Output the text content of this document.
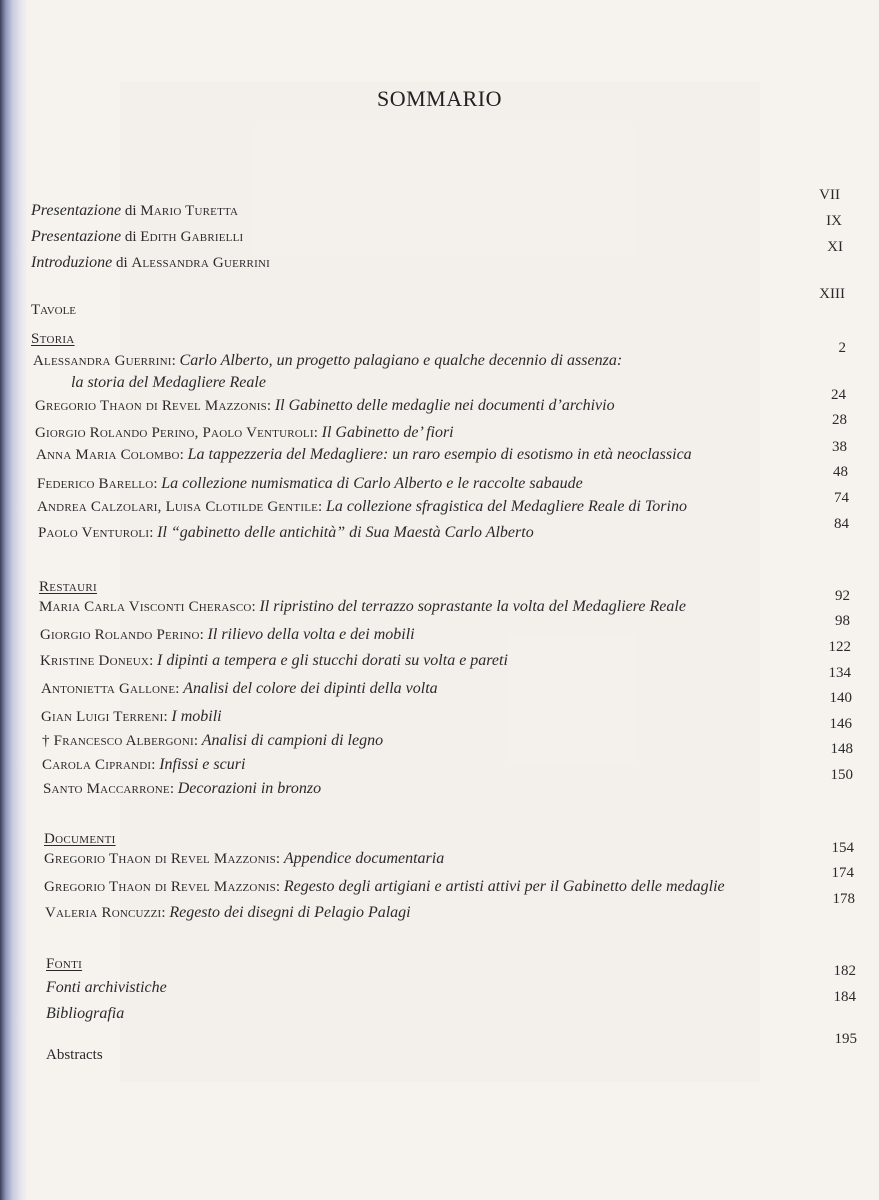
SOMMARIO
Presentazione di Mario Turetta
Presentazione di Edith Gabrielli
Introduzione di Alessandra Guerrini
Tavole
Storia
Alessandra Guerrini: Carlo Alberto, un progetto palagiano e qualche decennio di assenza:
la storia del Medagliere Reale
Gregorio Thaon di Revel Mazzonis: Il Gabinetto delle medaglie nei documenti d’archivio
Giorgio Rolando Perino, Paolo Venturoli: Il Gabinetto de’ fiori
Anna Maria Colombo: La tappezzeria del Medagliere: un raro esempio di esotismo in età neoclassica
Federico Barello: La collezione numismatica di Carlo Alberto e le raccolte sabaude
Andrea Calzolari, Luisa Clotilde Gentile: La collezione sfragistica del Medagliere Reale di Torino
Paolo Venturoli: Il “gabinetto delle antichità” di Sua Maestà Carlo Alberto
Restauri
Maria Carla Visconti Cherasco: Il ripristino del terrazzo soprastante la volta del Medagliere Reale
Giorgio Rolando Perino: Il rilievo della volta e dei mobili
Kristine Doneux: I dipinti a tempera e gli stucchi dorati su volta e pareti
Antonietta Gallone: Analisi del colore dei dipinti della volta
Gian Luigi Terreni: I mobili
† Francesco Albergoni: Analisi di campioni di legno
Carola Ciprandi: Infissi e scuri
Santo Maccarrone: Decorazioni in bronzo
Documenti
Gregorio Thaon di Revel Mazzonis: Appendice documentaria
Gregorio Thaon di Revel Mazzonis: Regesto degli artigiani e artisti attivi per il Gabinetto delle medaglie
Valeria Roncuzzi: Regesto dei disegni di Pelagio Palagi
Fonti
Fonti archivistiche
Bibliografia
Abstracts
VII
IX
XI
XIII
2
24
28
38
48
74
84
92
98
122
134
140
146
148
150
154
174
178
182
184
195
